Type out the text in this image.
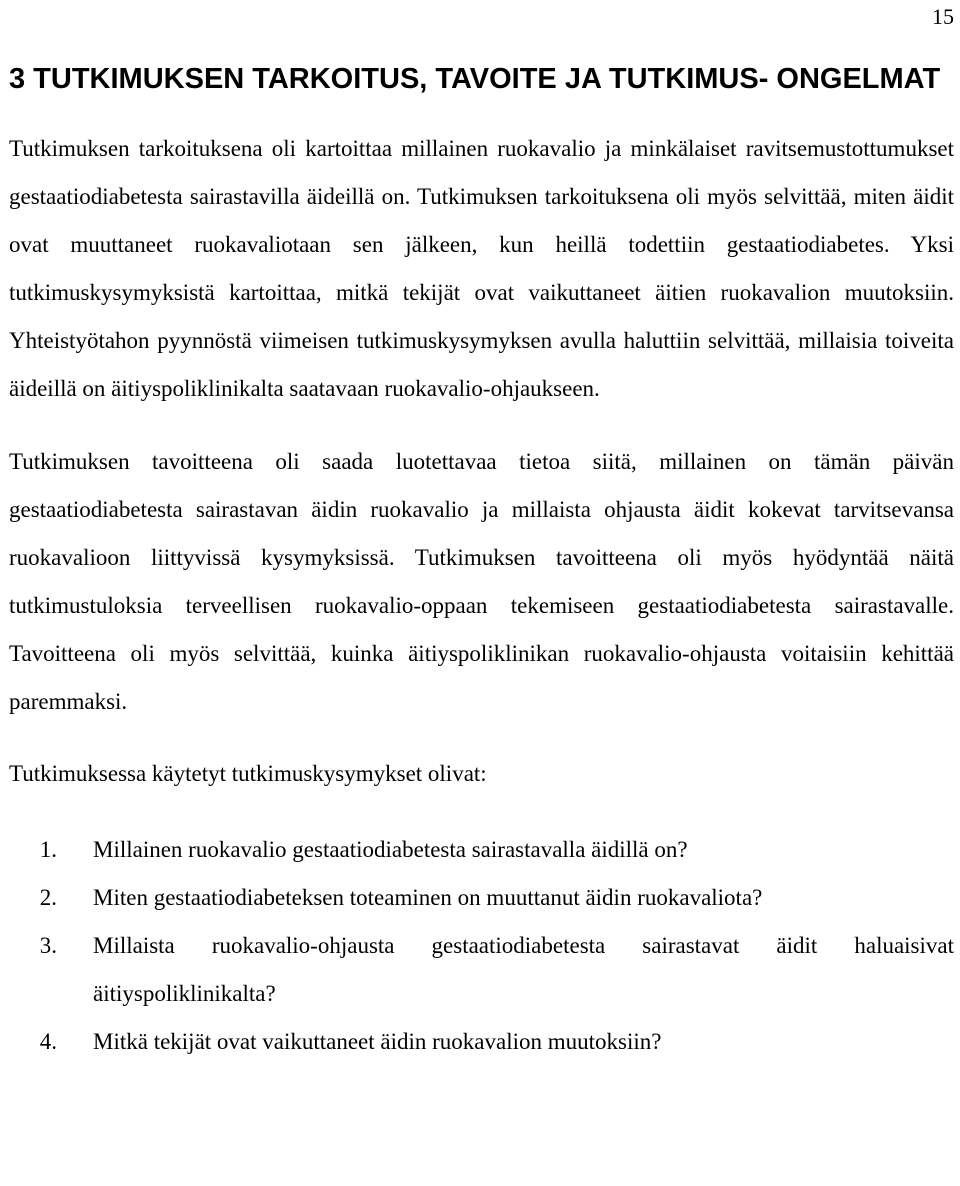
15
3 TUTKIMUKSEN TARKOITUS, TAVOITE JA TUTKIMUS- ONGELMAT

Tutkimuksen tarkoituksena oli kartoittaa millainen ruokavalio ja minkälaiset ravitsemustottumukset gestaatiodiabetesta sairastavilla äideillä on. Tutkimuksen tarkoituksena oli myös selvittää, miten äidit ovat muuttaneet ruokavaliotaan sen jälkeen, kun heillä todettiin gestaatiodiabetes. Yksi tutkimuskysymyksistä kartoittaa, mitkä tekijät ovat vaikuttaneet äitien ruokavalion muutoksiin. Yhteistyötahon pyynnöstä viimeisen tutkimuskysymyksen avulla haluttiin selvittää, millaisia toiveita äideillä on äitiyspoliklinikalta saatavaan ruokavalio-ohjaukseen.

Tutkimuksen tavoitteena oli saada luotettavaa tietoa siitä, millainen on tämän päivän gestaatiodiabetesta sairastavan äidin ruokavalio ja millaista ohjausta äidit kokevat tarvitsevansa ruokavalioon liittyvissä kysymyksissä. Tutkimuksen tavoitteena oli myös hyödyntää näitä tutkimustuloksia terveellisen ruokavalio-oppaan tekemiseen gestaatiodiabetesta sairastavalle. Tavoitteena oli myös selvittää, kuinka äitiyspoliklinikan ruokavalio-ohjausta voitaisiin kehittää paremmaksi.

Tutkimuksessa käytetyt tutkimuskysymykset olivat:

1. Millainen ruokavalio gestaatiodiabetesta sairastavalla äidillä on?
2. Miten gestaatiodiabeteksen toteaminen on muuttanut äidin ruokavaliota?
3. Millaista ruokavalio-ohjausta gestaatiodiabetesta sairastavat äidit haluaisivat äitiyspoliklinikalta?
4. Mitkä tekijät ovat vaikuttaneet äidin ruokavalion muutoksiin?
